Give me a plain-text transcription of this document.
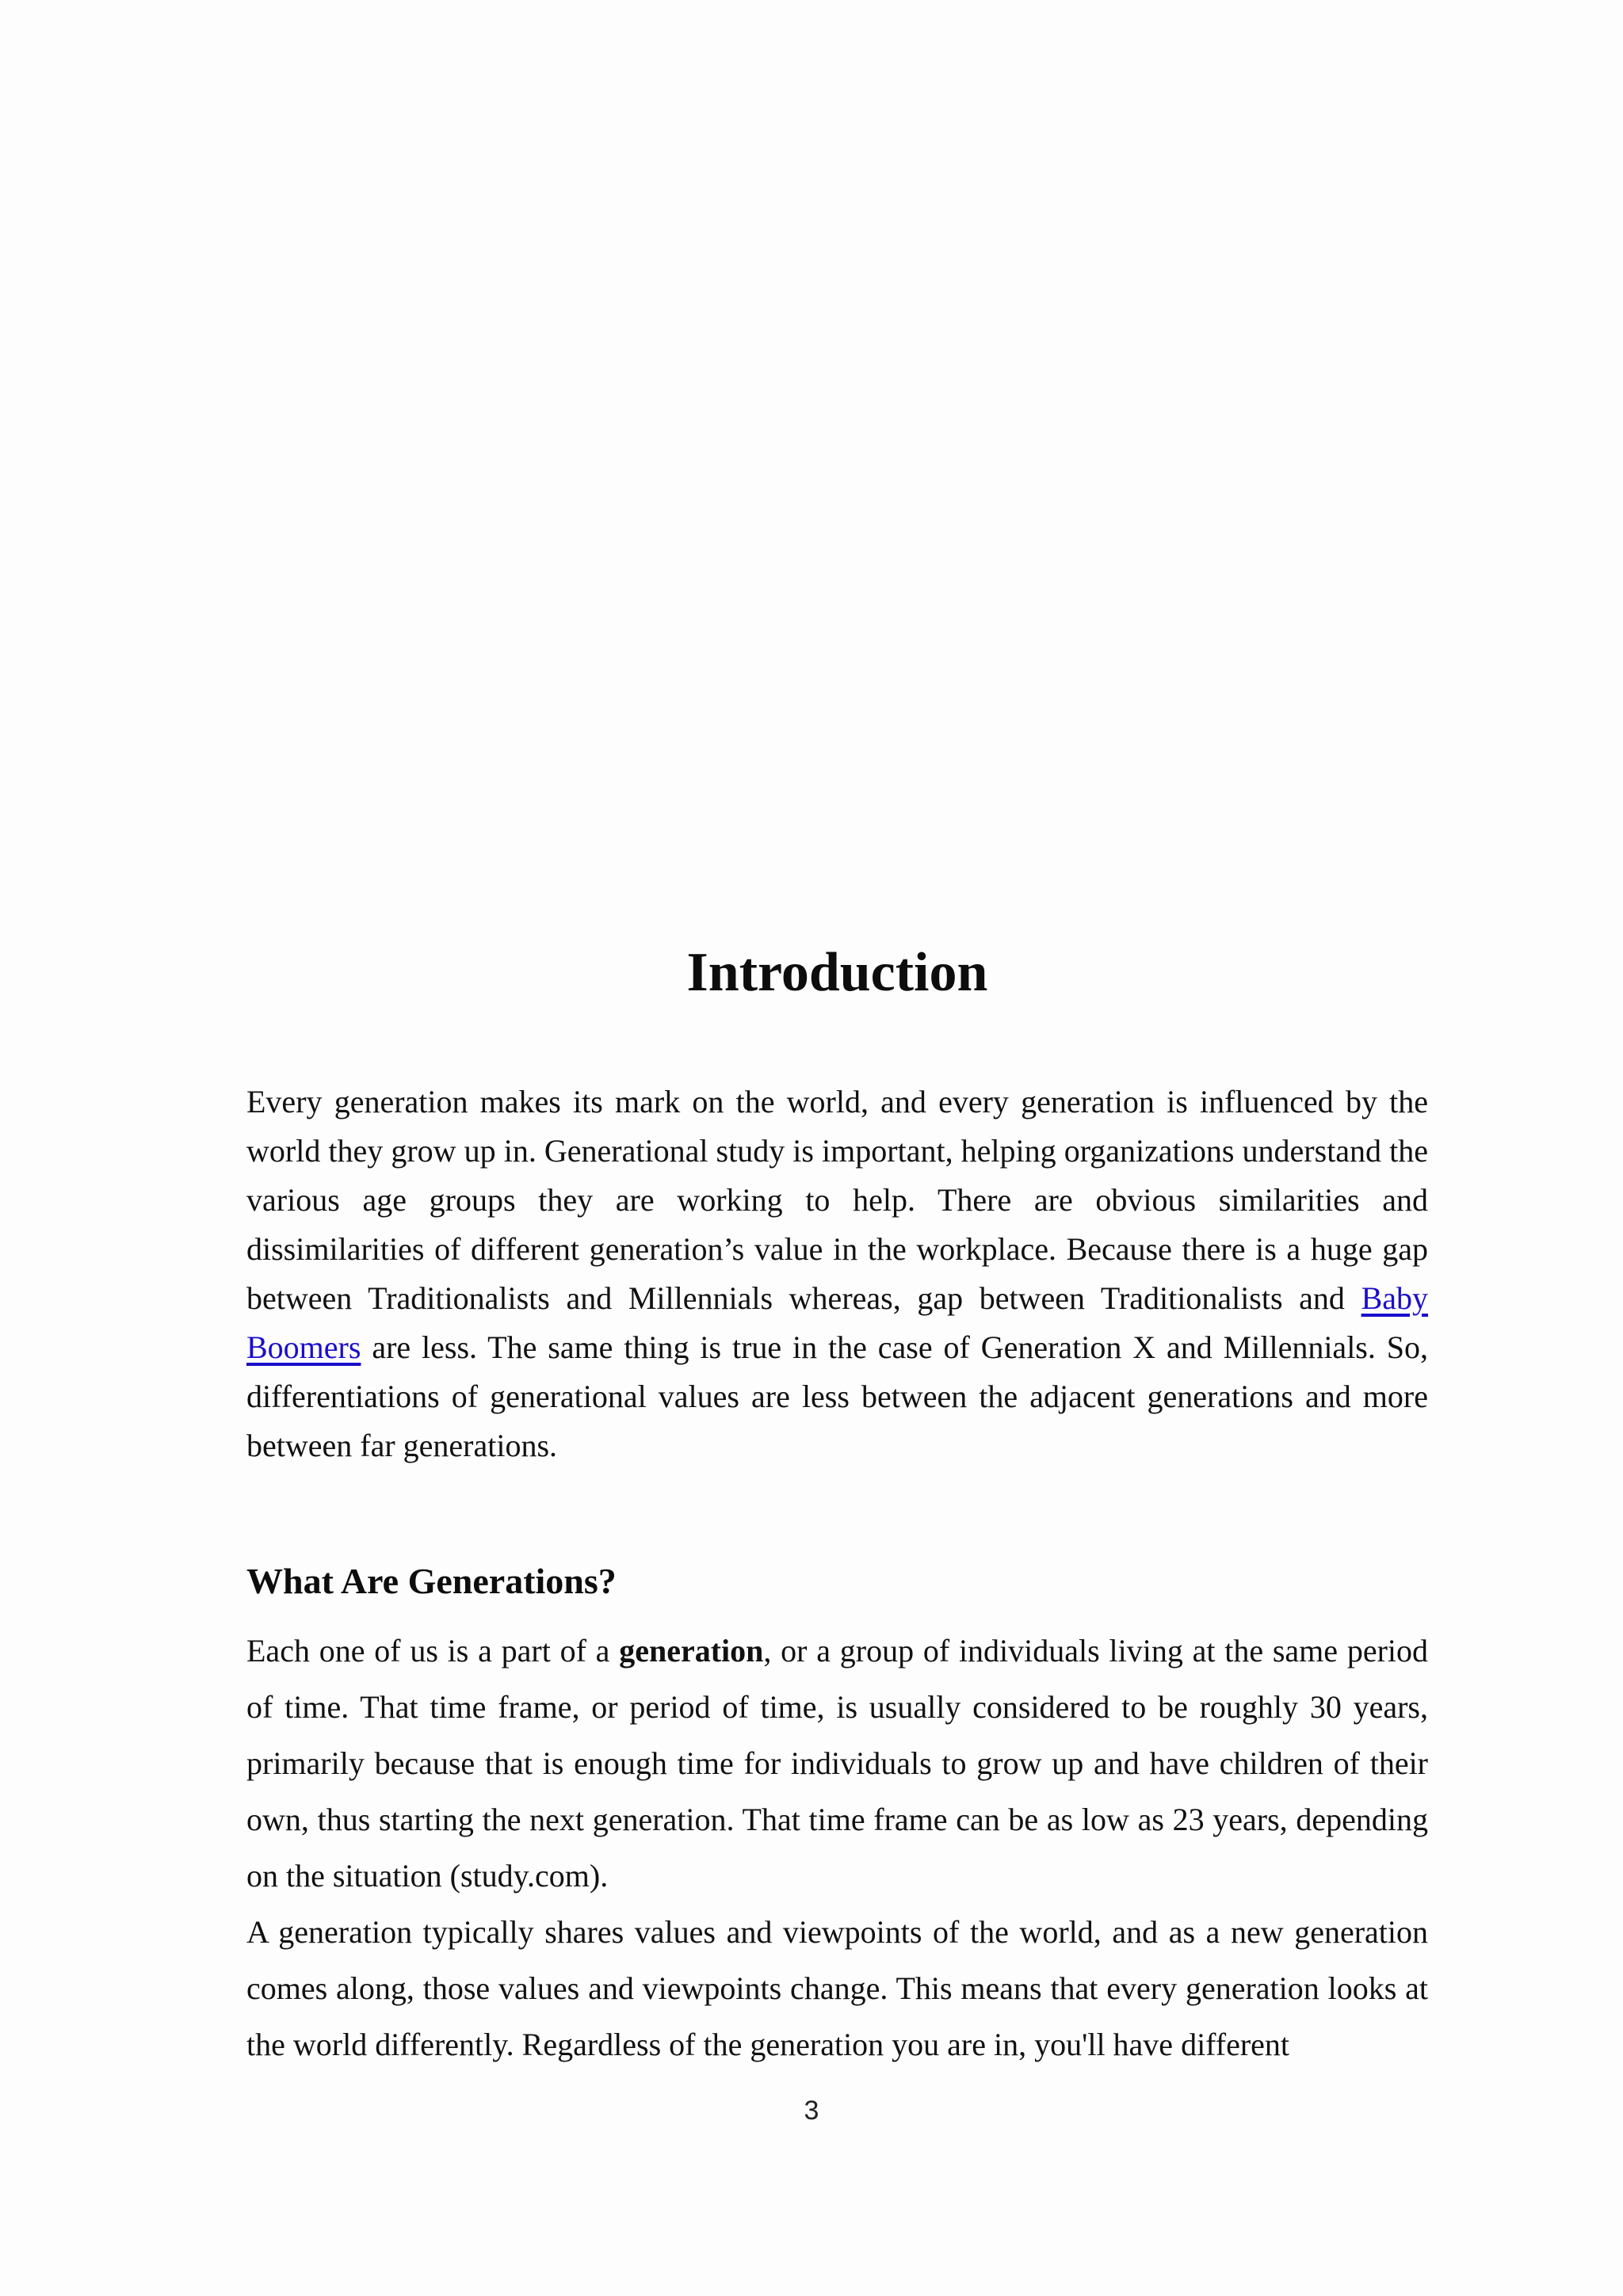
Introduction

Every generation makes its mark on the world, and every generation is influenced by the world they grow up in. Generational study is important, helping organizations understand the various age groups they are working to help. There are obvious similarities and dissimilarities of different generation’s value in the workplace. Because there is a huge gap between Traditionalists and Millennials whereas, gap between Traditionalists and Baby Boomers are less. The same thing is true in the case of Generation X and Millennials. So, differentiations of generational values are less between the adjacent generations and more between far generations.

What Are Generations?

Each one of us is a part of a generation, or a group of individuals living at the same period of time. That time frame, or period of time, is usually considered to be roughly 30 years, primarily because that is enough time for individuals to grow up and have children of their own, thus starting the next generation. That time frame can be as low as 23 years, depending on the situation (study.com).

A generation typically shares values and viewpoints of the world, and as a new generation comes along, those values and viewpoints change. This means that every generation looks at the world differently. Regardless of the generation you are in, you'll have different

3
